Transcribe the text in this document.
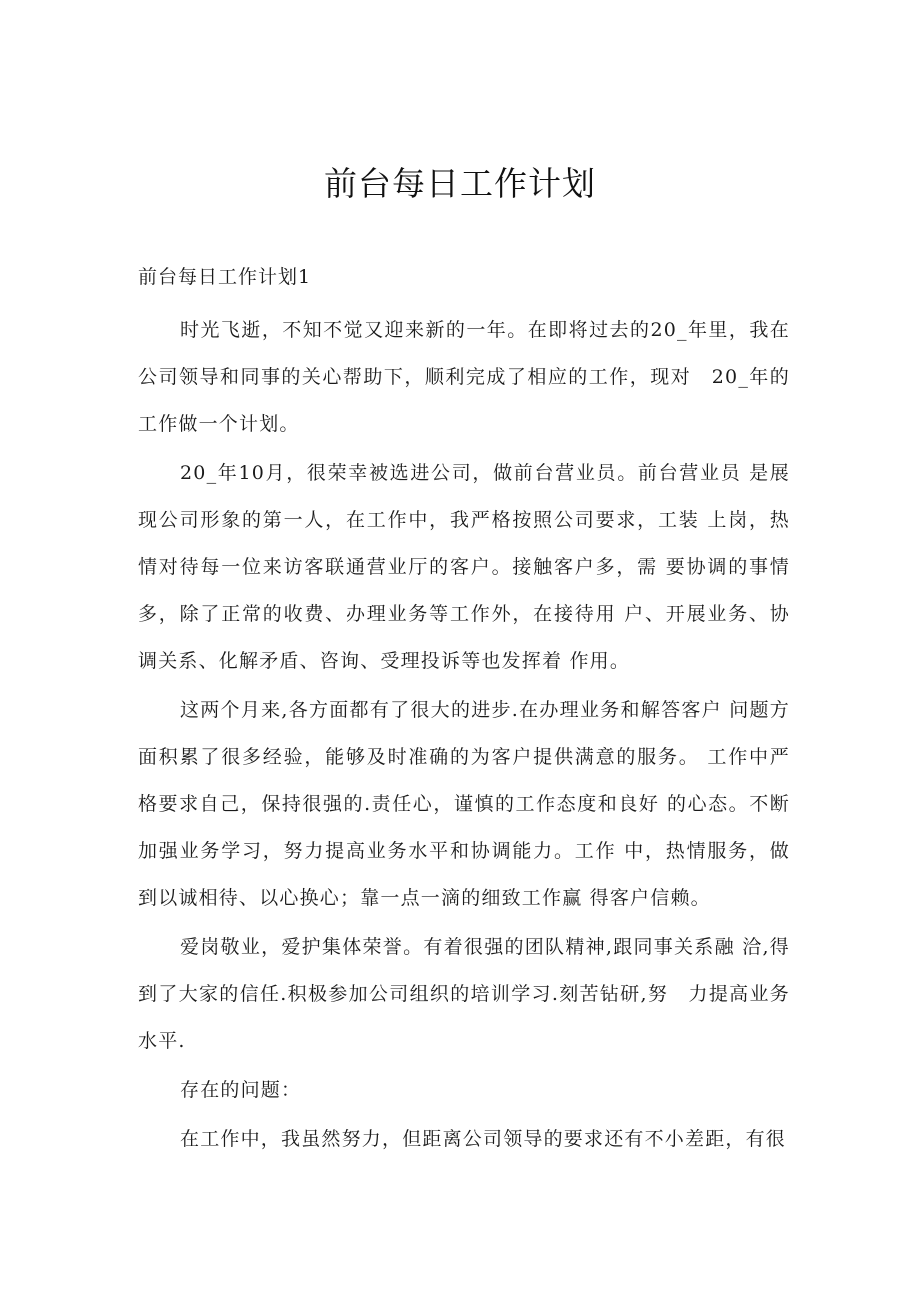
前台每日工作计划
前台每日工作计划1

时光飞逝，不知不觉又迎来新的一年。在即将过去的20_年里，我在公司领导和同事的关心帮助下，顺利完成了相应的工作，现对　20_年的工作做一个计划。

20_年10月，很荣幸被选进公司，做前台营业员。前台营业员 是展现公司形象的第一人，在工作中，我严格按照公司要求，工装 上岗，热情对待每一位来访客联通营业厅的客户。接触客户多，需 要协调的事情多，除了正常的收费、办理业务等工作外，在接待用 户、开展业务、协调关系、化解矛盾、咨询、受理投诉等也发挥着 作用。

这两个月来,各方面都有了很大的进步.在办理业务和解答客户 问题方面积累了很多经验，能够及时准确的为客户提供满意的服务。 工作中严格要求自己，保持很强的.责任心，谨慎的工作态度和良好 的心态。不断加强业务学习，努力提高业务水平和协调能力。工作 中，热情服务，做到以诚相待、以心换心；靠一点一滴的细致工作赢 得客户信赖。

爱岗敬业，爱护集体荣誉。有着很强的团队精神,跟同事关系融 洽,得到了大家的信任.积极参加公司组织的培训学习.刻苦钻研,努　力提高业务水平.

存在的问题：

在工作中，我虽然努力，但距离公司领导的要求还有不小差距，有很
